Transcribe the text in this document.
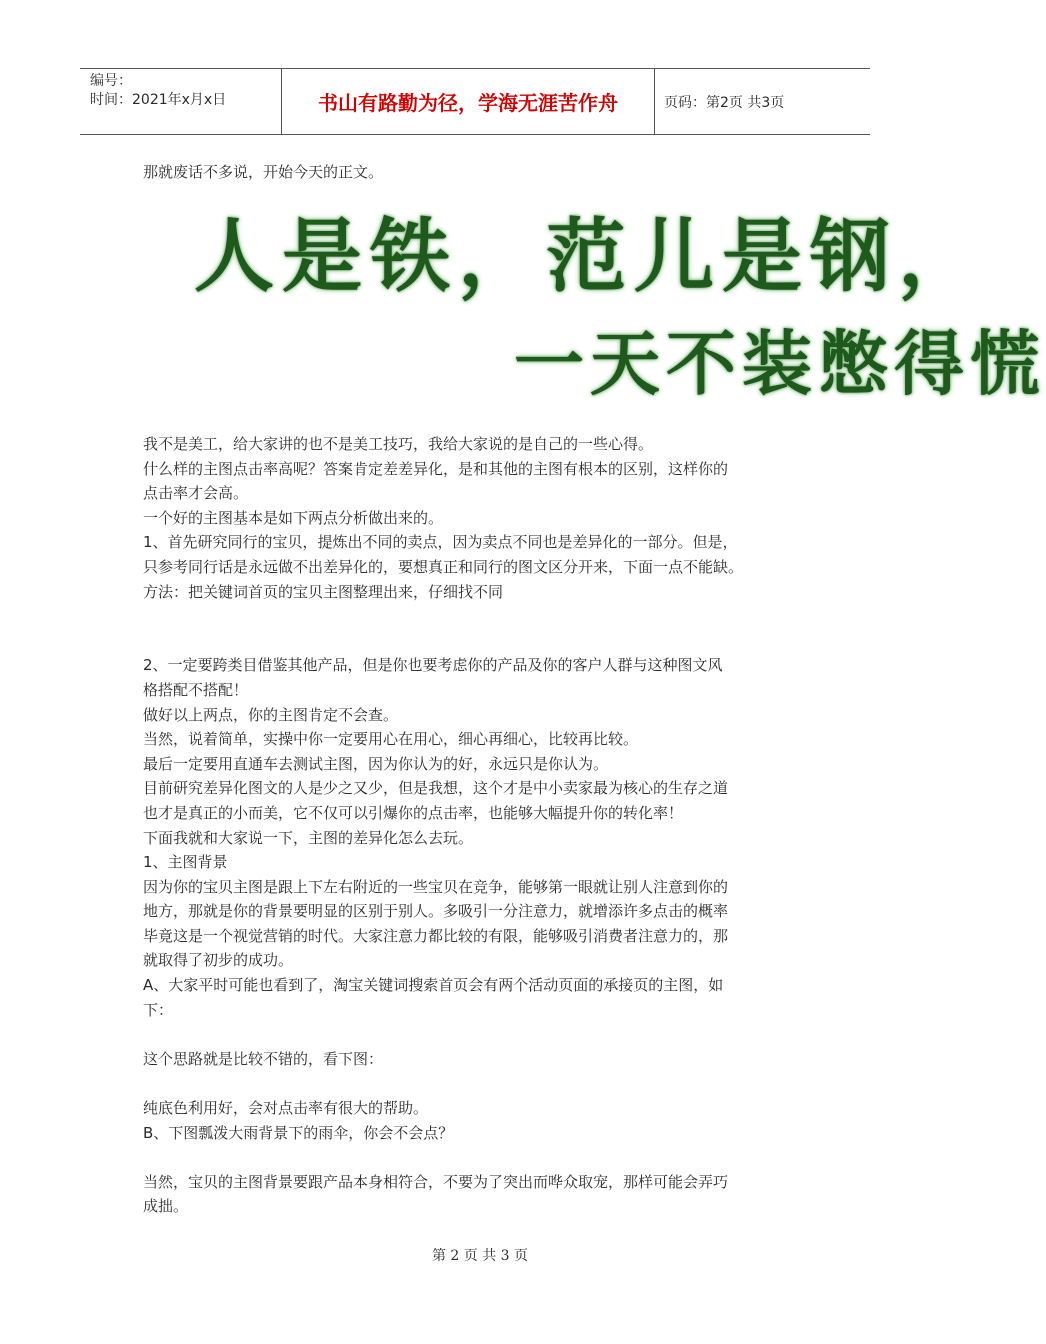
编号：
时间：2021年x月x日	书山有路勤为径，学海无涯苦作舟	页码：第2页 共3页
那就废话不多说，开始今天的正文。
人是铁，范儿是钢，
一天不装憋得慌
我不是美工，给大家讲的也不是美工技巧，我给大家说的是自己的一些心得。
什么样的主图点击率高呢？答案肯定差差异化，是和其他的主图有根本的区别，这样你的
点击率才会高。
一个好的主图基本是如下两点分析做出来的。
1、首先研究同行的宝贝，提炼出不同的卖点，因为卖点不同也是差异化的一部分。但是，
只参考同行话是永远做不出差异化的，要想真正和同行的图文区分开来，下面一点不能缺。
方法：把关键词首页的宝贝主图整理出来，仔细找不同
2、一定要跨类目借鉴其他产品，但是你也要考虑你的产品及你的客户人群与这种图文风
格搭配不搭配！
做好以上两点，你的主图肯定不会查。
当然，说着简单，实操中你一定要用心在用心，细心再细心，比较再比较。
最后一定要用直通车去测试主图，因为你认为的好，永远只是你认为。
目前研究差异化图文的人是少之又少，但是我想，这个才是中小卖家最为核心的生存之道
也才是真正的小而美，它不仅可以引爆你的点击率，也能够大幅提升你的转化率！
下面我就和大家说一下，主图的差异化怎么去玩。
1、主图背景
因为你的宝贝主图是跟上下左右附近的一些宝贝在竞争，能够第一眼就让别人注意到你的
地方，那就是你的背景要明显的区别于别人。多吸引一分注意力，就增添许多点击的概率
毕竟这是一个视觉营销的时代。大家注意力都比较的有限，能够吸引消费者注意力的，那
就取得了初步的成功。
A、大家平时可能也看到了，淘宝关键词搜索首页会有两个活动页面的承接页的主图，如
下：
这个思路就是比较不错的，看下图：
纯底色利用好，会对点击率有很大的帮助。
B、下图瓢泼大雨背景下的雨伞，你会不会点？
当然，宝贝的主图背景要跟产品本身相符合，不要为了突出而哗众取宠，那样可能会弄巧
成拙。
第 2 页 共 3 页
